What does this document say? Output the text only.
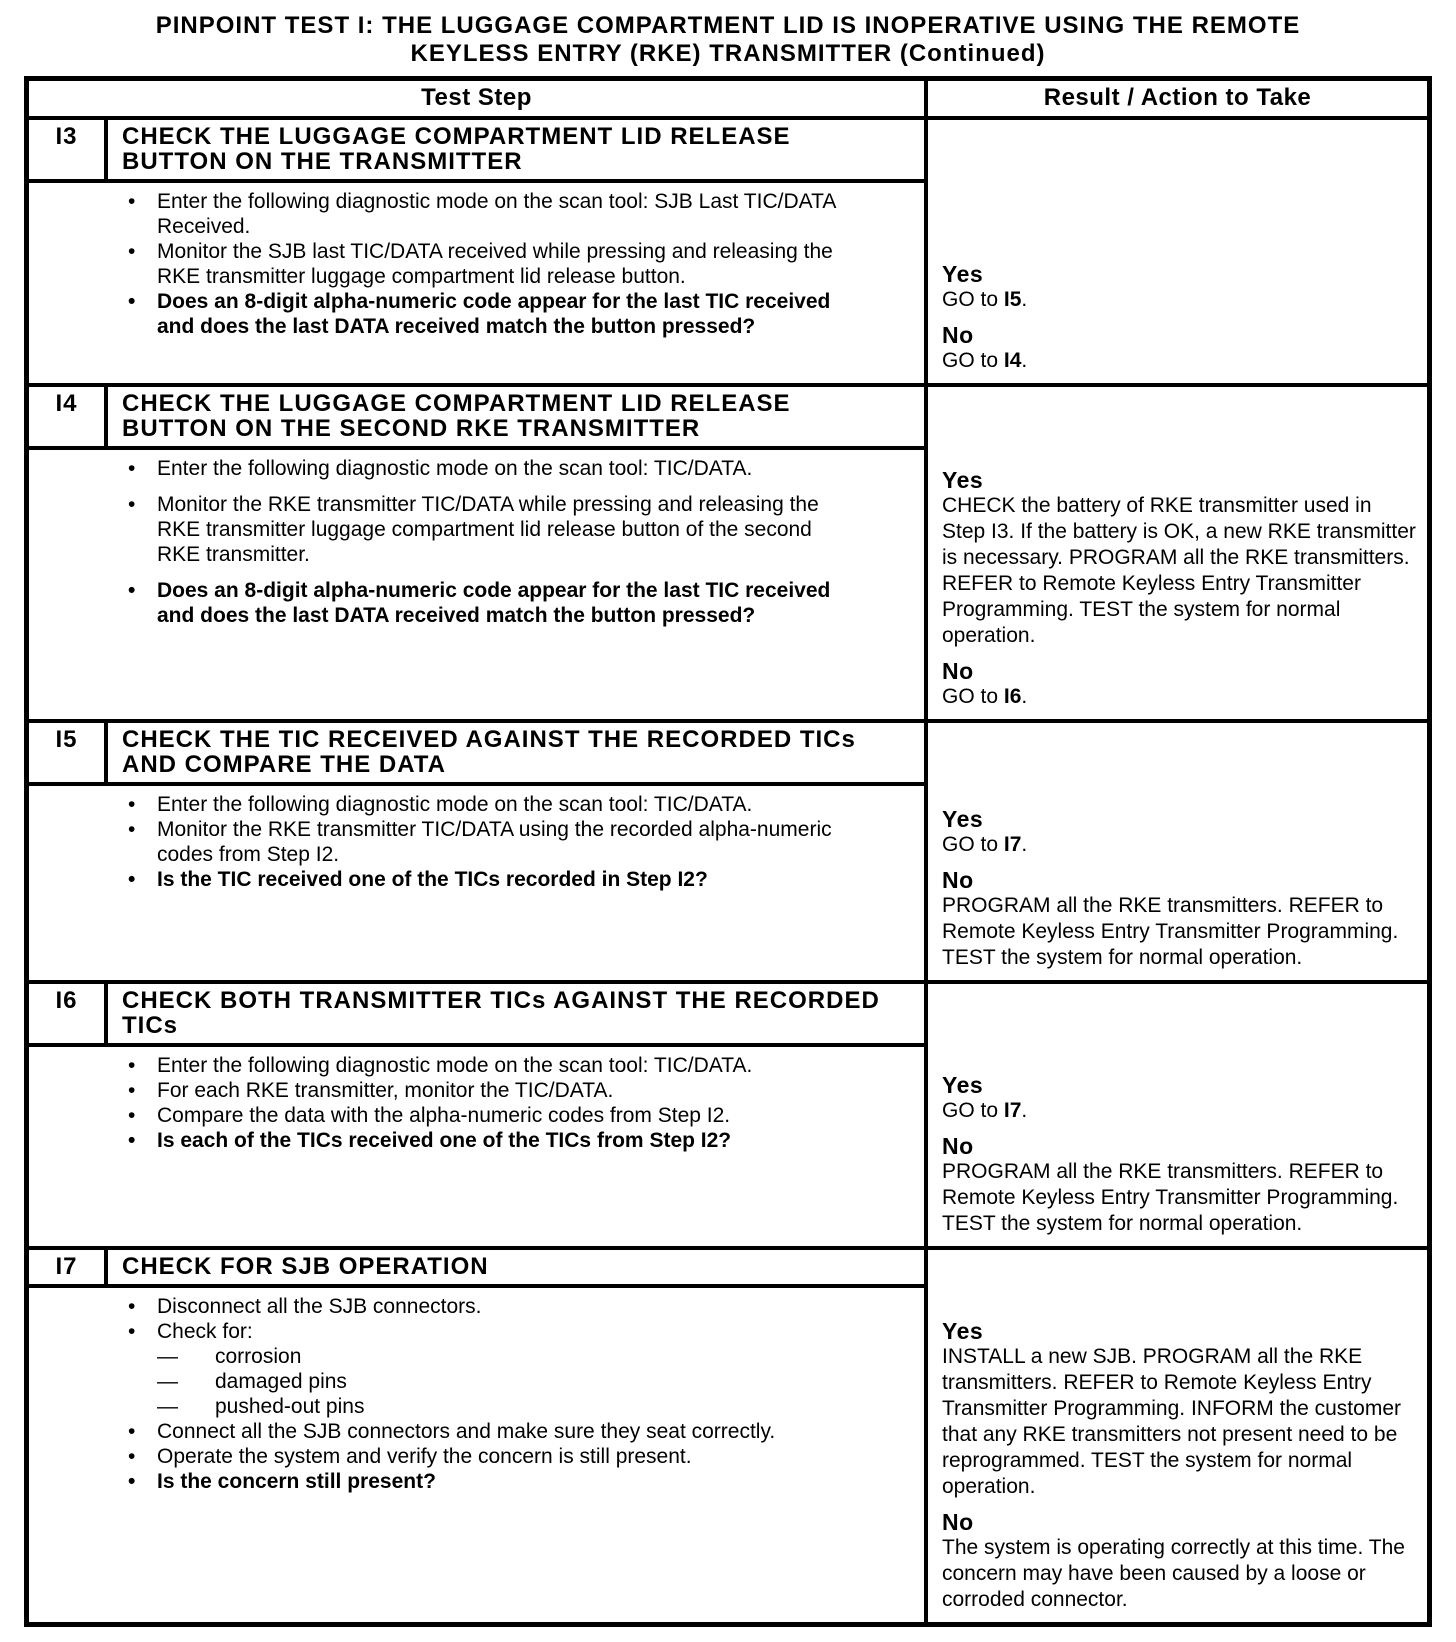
PINPOINT TEST I: THE LUGGAGE COMPARTMENT LID IS INOPERATIVE USING THE REMOTE
KEYLESS ENTRY (RKE) TRANSMITTER (Continued)
Test Step	Result / Action to Take
I3	CHECK THE LUGGAGE COMPARTMENT LID RELEASE
BUTTON ON THE TRANSMITTER
• Enter the following diagnostic mode on the scan tool: SJB Last TIC/DATA Received.
• Monitor the SJB last TIC/DATA received while pressing and releasing the RKE transmitter luggage compartment lid release button.
• Does an 8-digit alpha-numeric code appear for the last TIC received and does the last DATA received match the button pressed?
Yes
GO to I5.
No
GO to I4.
I4	CHECK THE LUGGAGE COMPARTMENT LID RELEASE
BUTTON ON THE SECOND RKE TRANSMITTER
• Enter the following diagnostic mode on the scan tool: TIC/DATA.
• Monitor the RKE transmitter TIC/DATA while pressing and releasing the RKE transmitter luggage compartment lid release button of the second RKE transmitter.
• Does an 8-digit alpha-numeric code appear for the last TIC received and does the last DATA received match the button pressed?
Yes
CHECK the battery of RKE transmitter used in Step I3. If the battery is OK, a new RKE transmitter is necessary. PROGRAM all the RKE transmitters. REFER to Remote Keyless Entry Transmitter Programming. TEST the system for normal operation.
No
GO to I6.
I5	CHECK THE TIC RECEIVED AGAINST THE RECORDED TICs
AND COMPARE THE DATA
• Enter the following diagnostic mode on the scan tool: TIC/DATA.
• Monitor the RKE transmitter TIC/DATA using the recorded alpha-numeric codes from Step I2.
• Is the TIC received one of the TICs recorded in Step I2?
Yes
GO to I7.
No
PROGRAM all the RKE transmitters. REFER to Remote Keyless Entry Transmitter Programming. TEST the system for normal operation.
I6	CHECK BOTH TRANSMITTER TICs AGAINST THE RECORDED
TICs
• Enter the following diagnostic mode on the scan tool: TIC/DATA.
• For each RKE transmitter, monitor the TIC/DATA.
• Compare the data with the alpha-numeric codes from Step I2.
• Is each of the TICs received one of the TICs from Step I2?
Yes
GO to I7.
No
PROGRAM all the RKE transmitters. REFER to Remote Keyless Entry Transmitter Programming. TEST the system for normal operation.
I7	CHECK FOR SJB OPERATION
• Disconnect all the SJB connectors.
• Check for:
— corrosion
— damaged pins
— pushed-out pins
• Connect all the SJB connectors and make sure they seat correctly.
• Operate the system and verify the concern is still present.
• Is the concern still present?
Yes
INSTALL a new SJB. PROGRAM all the RKE transmitters. REFER to Remote Keyless Entry Transmitter Programming. INFORM the customer that any RKE transmitters not present need to be reprogrammed. TEST the system for normal operation.
No
The system is operating correctly at this time. The concern may have been caused by a loose or corroded connector.
